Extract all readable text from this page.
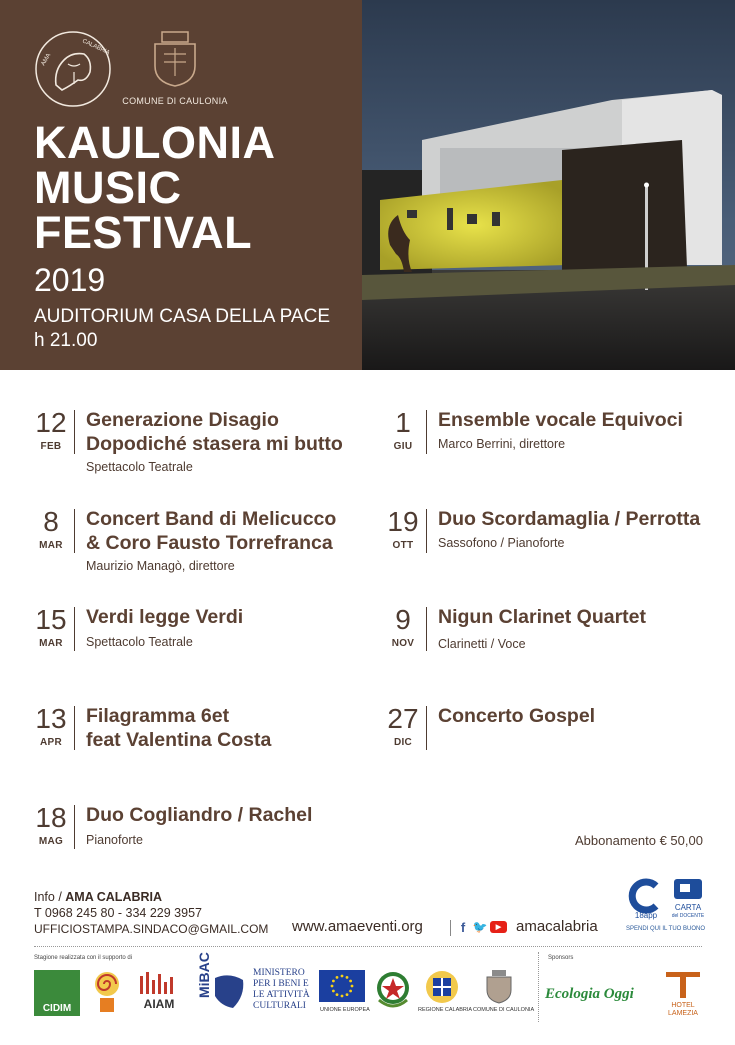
AMA
CALABRIA
COMUNE DI CAULONIA
KAULONIA
MUSIC
FESTIVAL
2019
AUDITORIUM CASA DELLA PACE
h 21.00
12
FEB
Generazione Disagio
Dopodiché stasera mi butto
Spettacolo Teatrale
8
MAR
Concert Band di Melicucco
& Coro Fausto Torrefranca
Maurizio Managò, direttore
15
MAR
Verdi legge Verdi
Spettacolo Teatrale
13
APR
Filagramma 6et
feat Valentina Costa
18
MAG
Duo Cogliandro / Rachel
Pianoforte
1
GIU
Ensemble vocale Equivoci
Marco Berrini, direttore
19
OTT
Duo Scordamaglia / Perrotta
Sassofono / Pianoforte
9
NOV
Nigun Clarinet Quartet
Clarinetti / Voce
27
DIC
Concerto Gospel
Abbonamento € 50,00
Info / AMA CALABRIA
T 0968 245 80 - 334 229 3957
UFFICIOSTAMPA.SINDACO@GMAIL.COM www.amaeventi.org	f 🐦	▶ amacalabria
18app
CARTA
del DOCENTE
SPENDI QUI IL TUO BUONO
Stagione realizzata con il supporto di	Sponsors
CIDIM	AIAM
MiBAC	MINISTERO
PER I BENI E
LE ATTIVITÀ
CULTURALI	UNIONE EUROPEA	REGIONE CALABRIA COMUNE DI CAULONIA
Ecologia Oggi
HOTEL
LAMEZIA
